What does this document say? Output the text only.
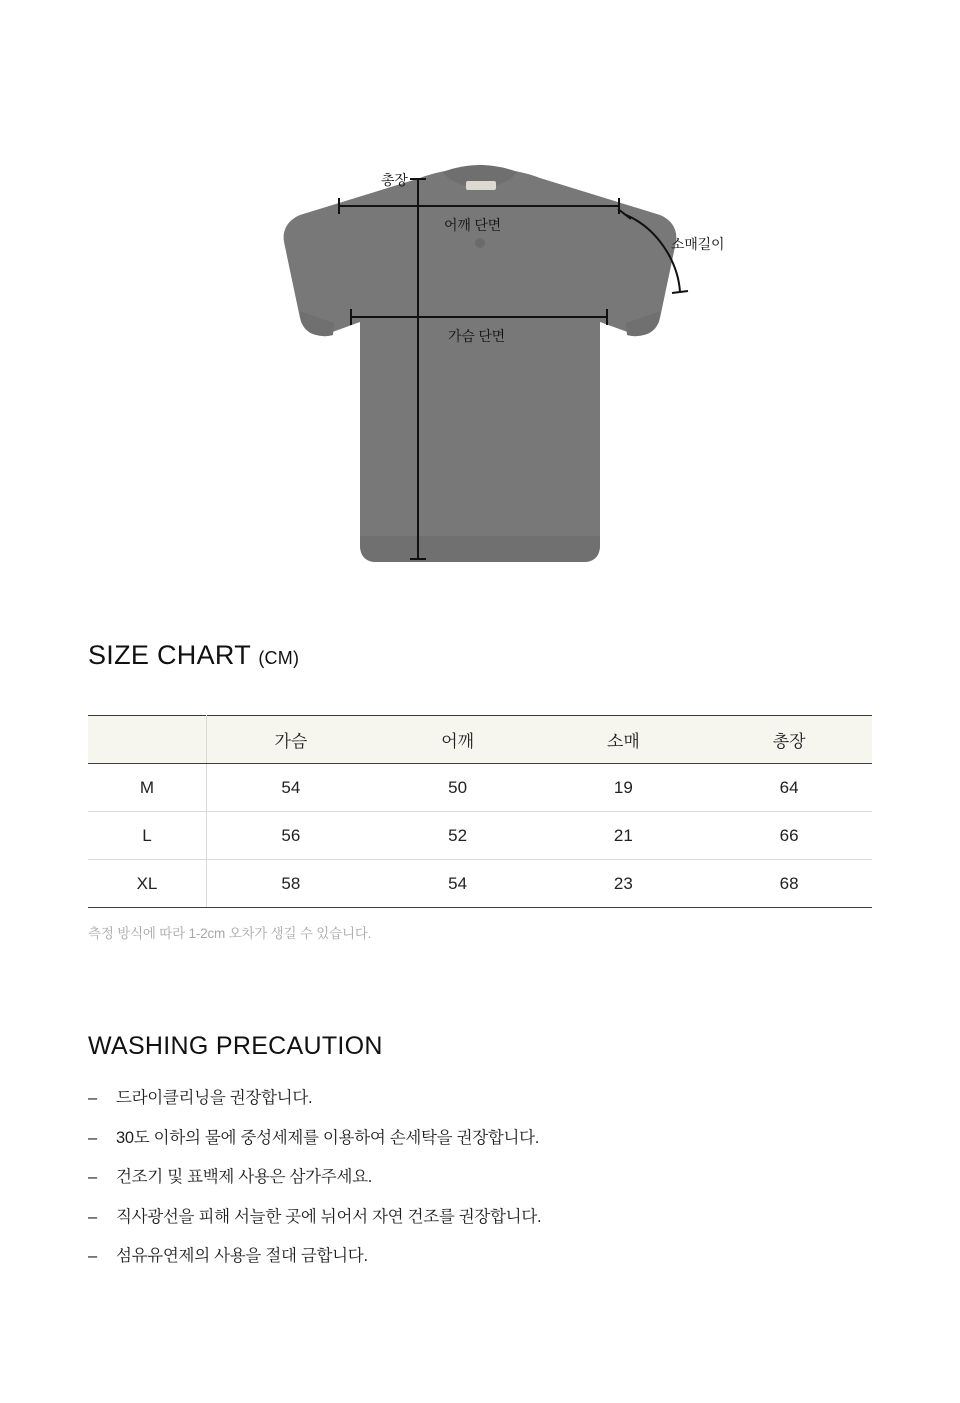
총장
어깨 단면
소매길이
가슴 단면
SIZE CHART (CM)
	가슴	어깨	소매	총장
M	54	50	19	64
L	56	52	21	66
XL	58	54	23	68
측정 방식에 따라 1-2cm 오차가 생길 수 있습니다.
WASHING PRECAUTION
–	드라이클리닝을 권장합니다.
–	30도 이하의 물에 중성세제를 이용하여 손세탁을 권장합니다.
–	건조기 및 표백제 사용은 삼가주세요.
–	직사광선을 피해 서늘한 곳에 뉘어서 자연 건조를 권장합니다.
–	섬유유연제의 사용을 절대 금합니다.
